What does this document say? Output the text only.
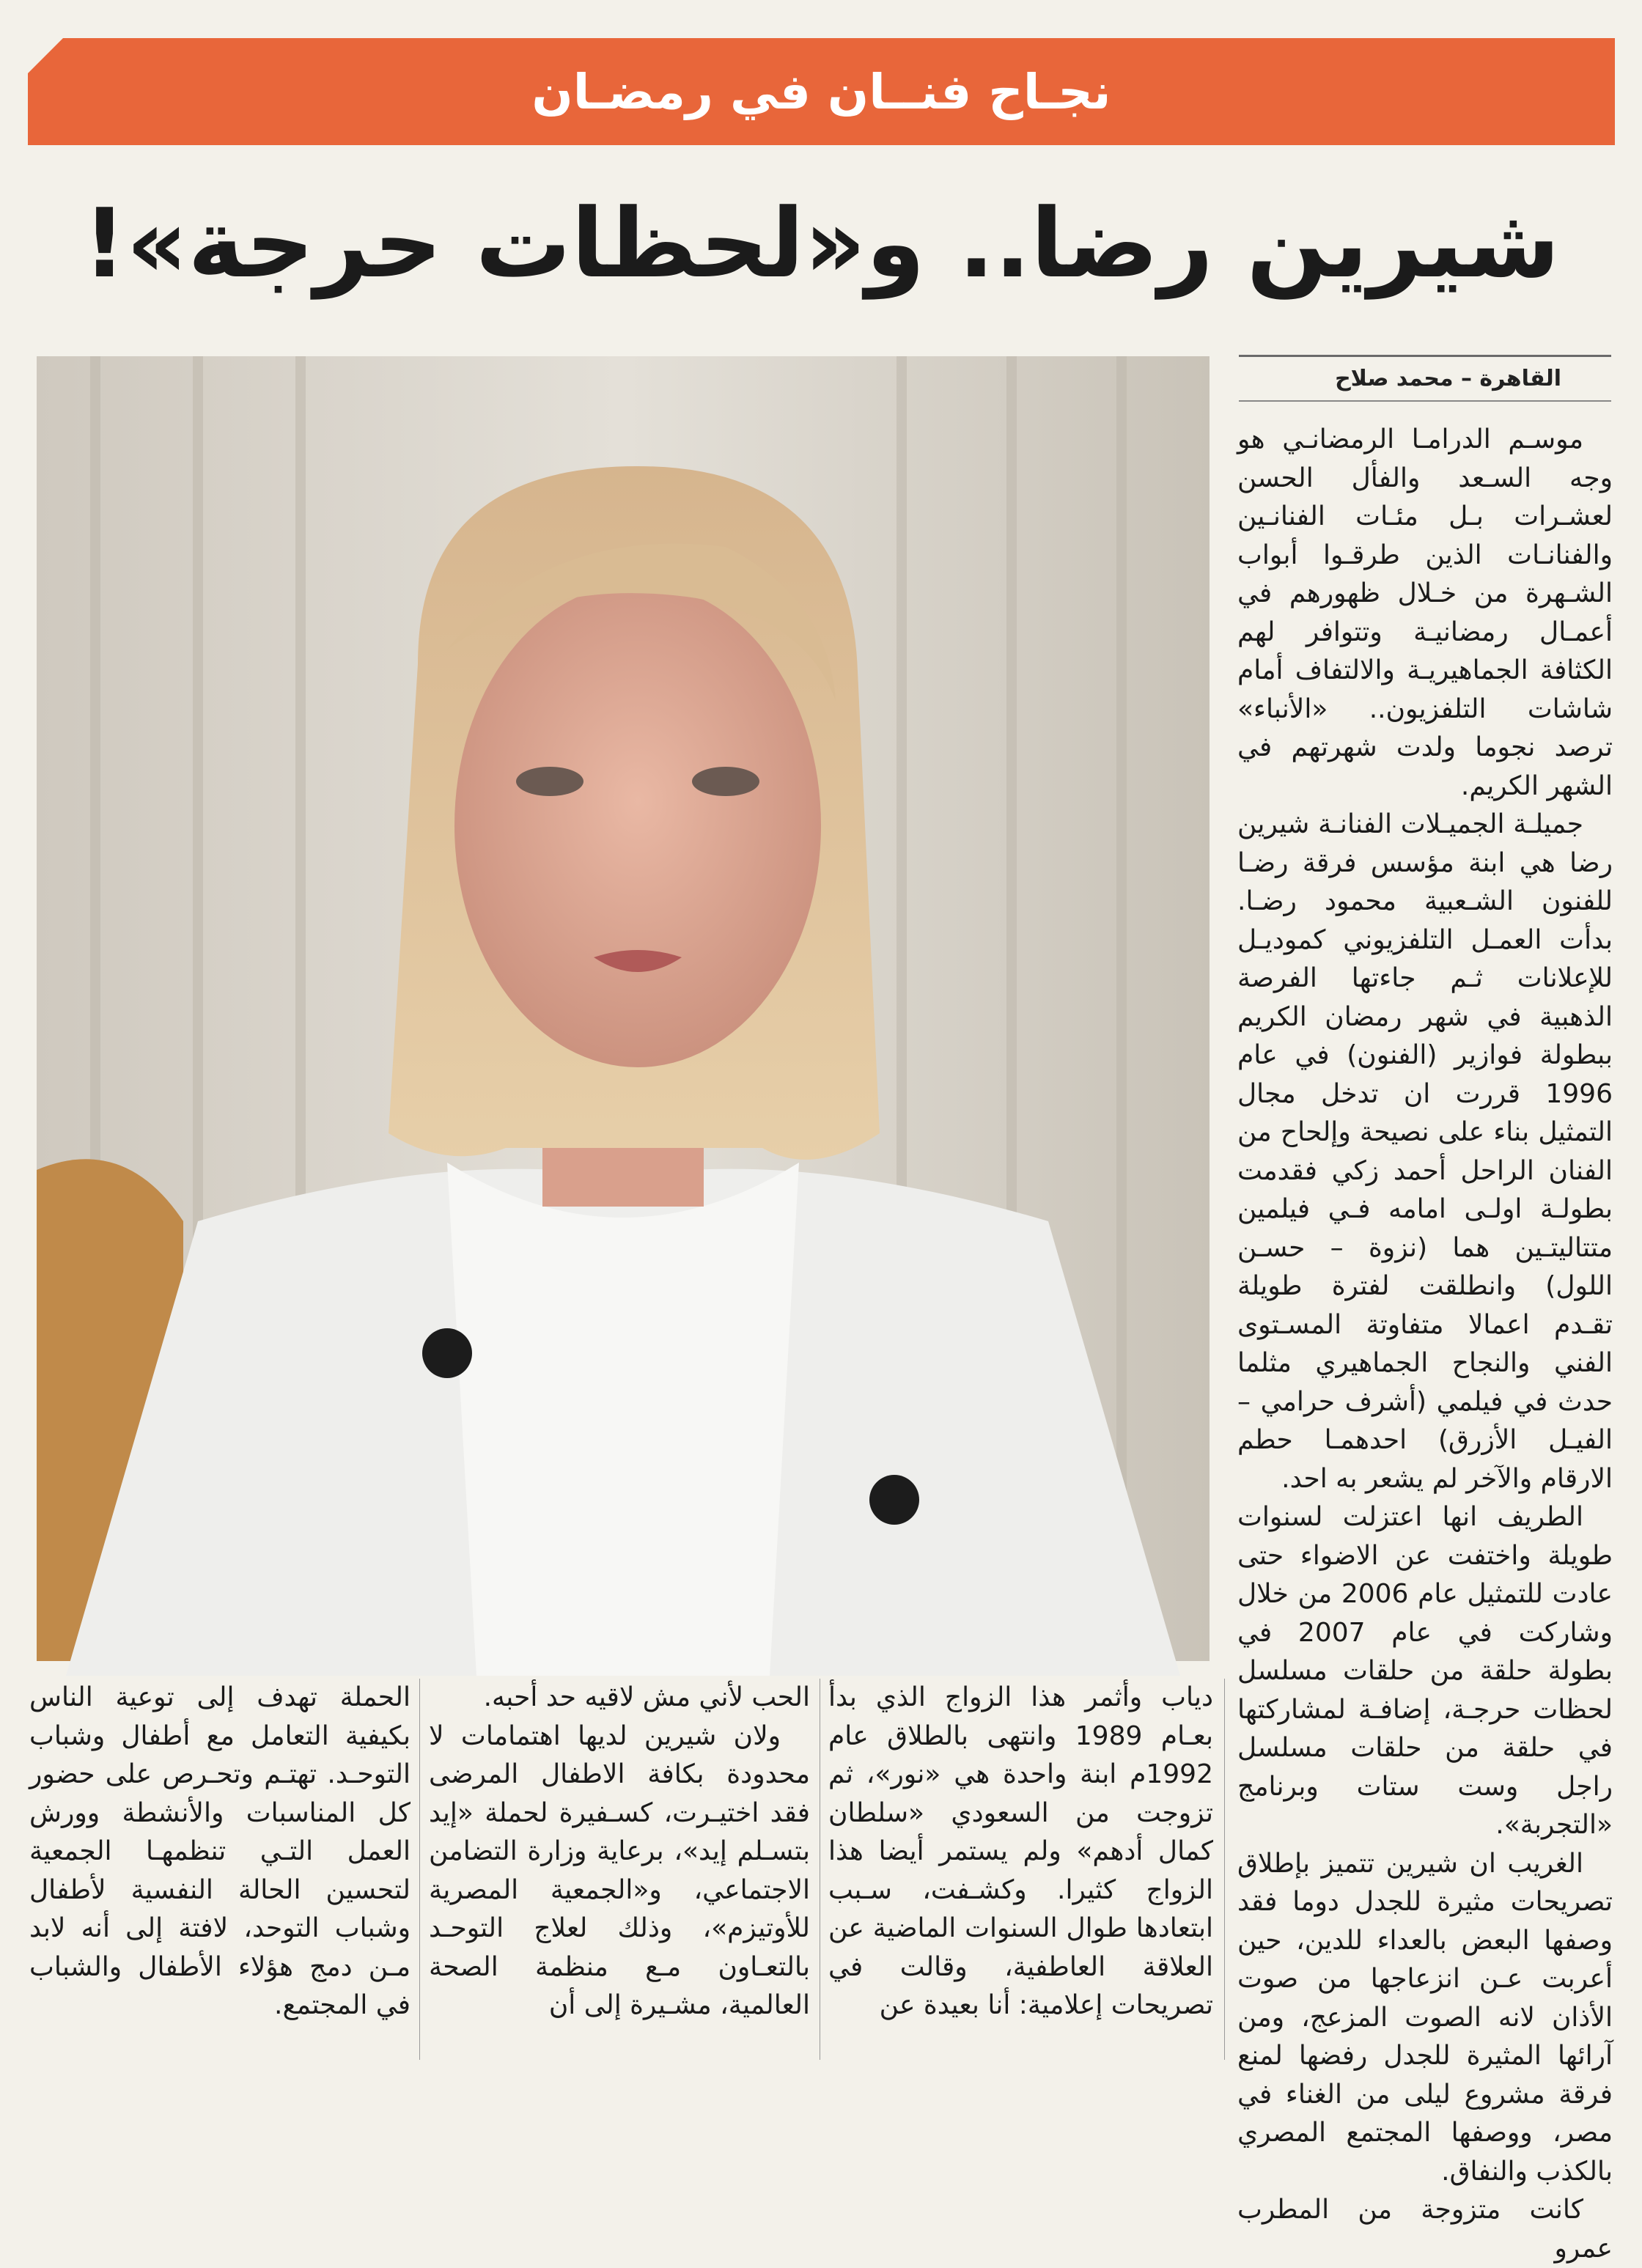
نجـاح فنــان في رمضـان
شيرين رضا.. و«لحظات حرجة»!
القاهرة – محمد صلاح

موسـم الدرامـا الرمضانـي هو وجه السـعد والفأل الحسن لعشـرات بـل مئـات الفنانـين والفنانـات الذين طرقـوا أبواب الشـهرة من خـلال ظهورهم في أعمـال رمضانيـة وتتوافر لهم الكثافة الجماهيريـة والالتفاف أمام شاشات التلفزيون.. «الأنباء» ترصد نجوما ولدت شهرتهم في الشهر الكريم.

جميلـة الجميـلات الفنانـة شيرين رضا هي ابنة مؤسس فرقة رضـا للفنون الشـعبية محمود رضـا. بدأت العمـل التلفزيوني كموديـل للإعلانات ثـم جاءتها الفرصة الذهبية في شهر رمضان الكريم ببطولة فوازير (الفنون) في عام 1996 قررت ان تدخل مجال التمثيل بناء على نصيحة وإلحاح من الفنان الراحل أحمد زكي فقدمت بطولـة اولـى امامه فـي فيلمين متتاليتـين هما (نزوة – حسـن اللول) وانطلقت لفترة طويلة تقـدم اعمالا متفاوتة المسـتوى الفني والنجاح الجماهيري مثلما حدث في فيلمي (أشرف حرامي – الفيـل الأزرق) احدهمـا حطم الارقام والآخر لم يشعر به احد.

الطريف انها اعتزلت لسنوات طويلة واختفت عن الاضواء حتى عادت للتمثيل عام 2006 من خلال وشاركت في عام 2007 في بطولة حلقة من حلقات مسلسل لحظات حرجـة، إضافـة لمشاركتها في حلقة من حلقات مسلسل راجل وست ستات وبرنامج «التجربة».

الغريب ان شيرين تتميز بإطلاق تصريحات مثيرة للجدل دوما فقد وصفها البعض بالعداء للدين، حين أعربت عـن انزعاجها من صوت الأذان لانه الصوت المزعج، ومن آرائها المثيرة للجدل رفضها لمنع فرقة مشروع ليلى من الغناء في مصر، ووصفها المجتمع المصري بالكذب والنفاق.

كانت متزوجة من المطرب عمرو

دياب وأثمر هذا الزواج الذي بدأ بعـام 1989 وانتهى بالطلاق عام 1992م ابنة واحدة هي «نور»، ثم تزوجت من السعودي «سلطان كمال أدهم» ولم يستمر أيضا هذا الزواج كثيرا. وكشـفت، سـبب ابتعادها طوال السنوات الماضية عن العلاقة العاطفية، وقالت في تصريحات إعلامية: أنا بعيدة عن

الحب لأني مش لاقيه حد أحبه.

ولان شيرين لديها اهتمامات لا محدودة بكافة الاطفال المرضى فقد اختيـرت، كسـفيرة لحملة «إيد بتسـلم إيد»، برعاية وزارة التضامن الاجتماعي، و«الجمعية المصرية للأوتيزم»، وذلك لعلاج التوحـد بالتعـاون مـع منظمة الصحة العالمية، مشـيرة إلى أن

الحملة تهدف إلى توعية الناس بكيفية التعامل مع أطفال وشباب التوحـد. تهتـم وتحـرص على حضور كل المناسبات والأنشطة وورش العمل التـي تنظمهـا الجمعية لتحسين الحالة النفسية لأطفال وشباب التوحد، لافتة إلى أنه لابد مـن دمج هؤلاء الأطفال والشباب في المجتمع.
